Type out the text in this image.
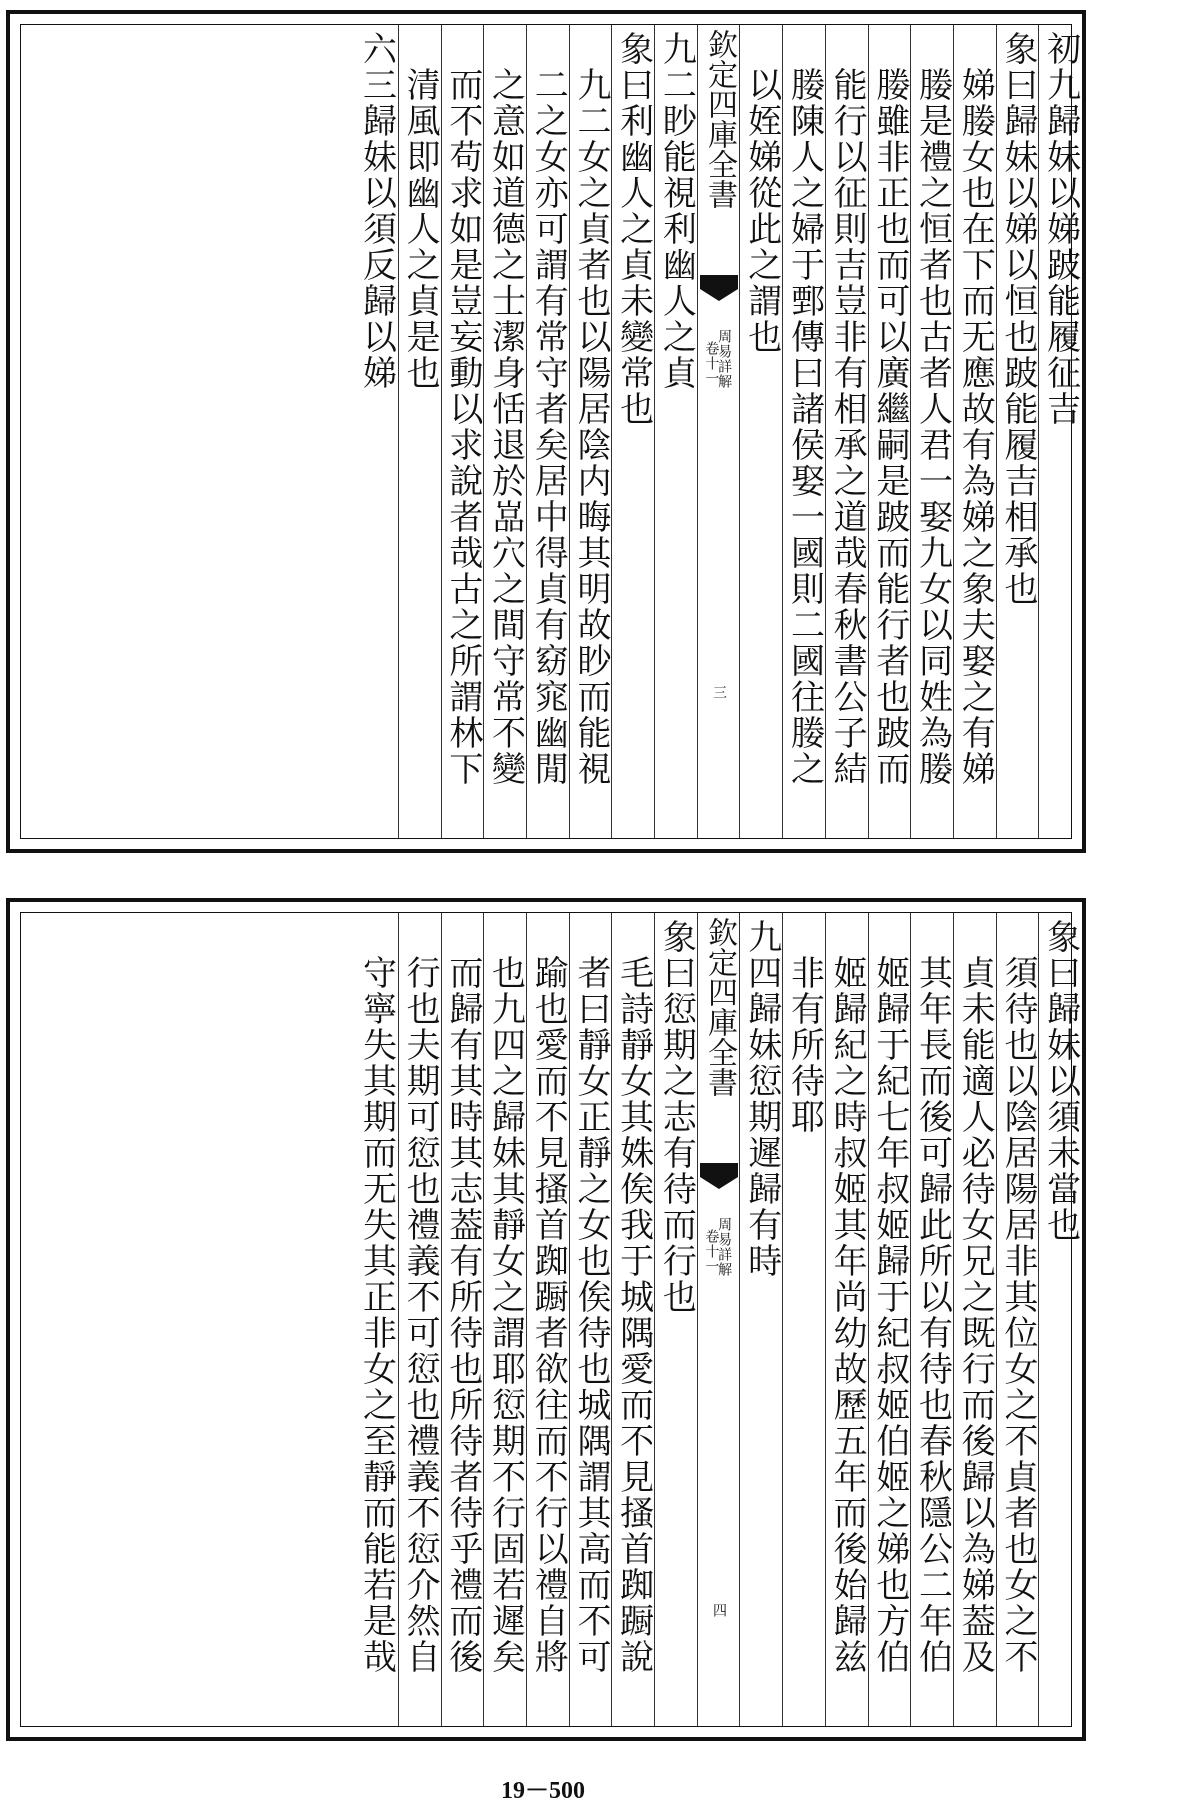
初九歸妹以娣跛能履征吉
象曰歸妹以娣以恒也跛能履吉相承也
娣媵女也在下而无應故有為娣之象夫娶之有娣
媵是禮之恒者也古者人君一娶九女以同姓為媵
媵雖非正也而可以廣繼嗣是跛而能行者也跛而
能行以征則吉豈非有相承之道哉春秋書公子結
媵陳人之婦于鄄傳曰諸侯娶一國則二國往媵之
以姪娣從此之謂也
欽定四庫全書
周易詳解
卷十一
三
九二眇能視利幽人之貞
象曰利幽人之貞未變常也
九二女之貞者也以陽居陰内晦其明故眇而能視
二之女亦可謂有常守者矣居中得貞有窈窕幽閒
之意如道德之士潔身恬退於嵓穴之間守常不變
而不苟求如是豈妄動以求說者哉古之所謂林下
清風即幽人之貞是也
六三歸妹以須反歸以娣
象曰歸妹以須未當也
須待也以陰居陽居非其位女之不貞者也女之不
貞未能適人必待女兄之既行而後歸以為娣葢及
其年長而後可歸此所以有待也春秋隱公二年伯
姬歸于紀七年叔姬歸于紀叔姬伯姬之娣也方伯
姬歸紀之時叔姬其年尚幼故歷五年而後始歸兹
非有所待耶
九四歸妹愆期遲歸有時
欽定四庫全書
周易詳解
卷十一
四
象曰愆期之志有待而行也
毛詩靜女其姝俟我于城隅愛而不見搔首踟蹰說
者曰靜女正靜之女也俟待也城隅謂其高而不可
踰也愛而不見搔首踟蹰者欲往而不行以禮自將
也九四之歸妹其靜女之謂耶愆期不行固若遲矣
而歸有其時其志葢有所待也所待者待乎禮而後
行也夫期可愆也禮義不可愆也禮義不愆介然自
守寧失其期而无失其正非女之至靜而能若是哉
19－500
